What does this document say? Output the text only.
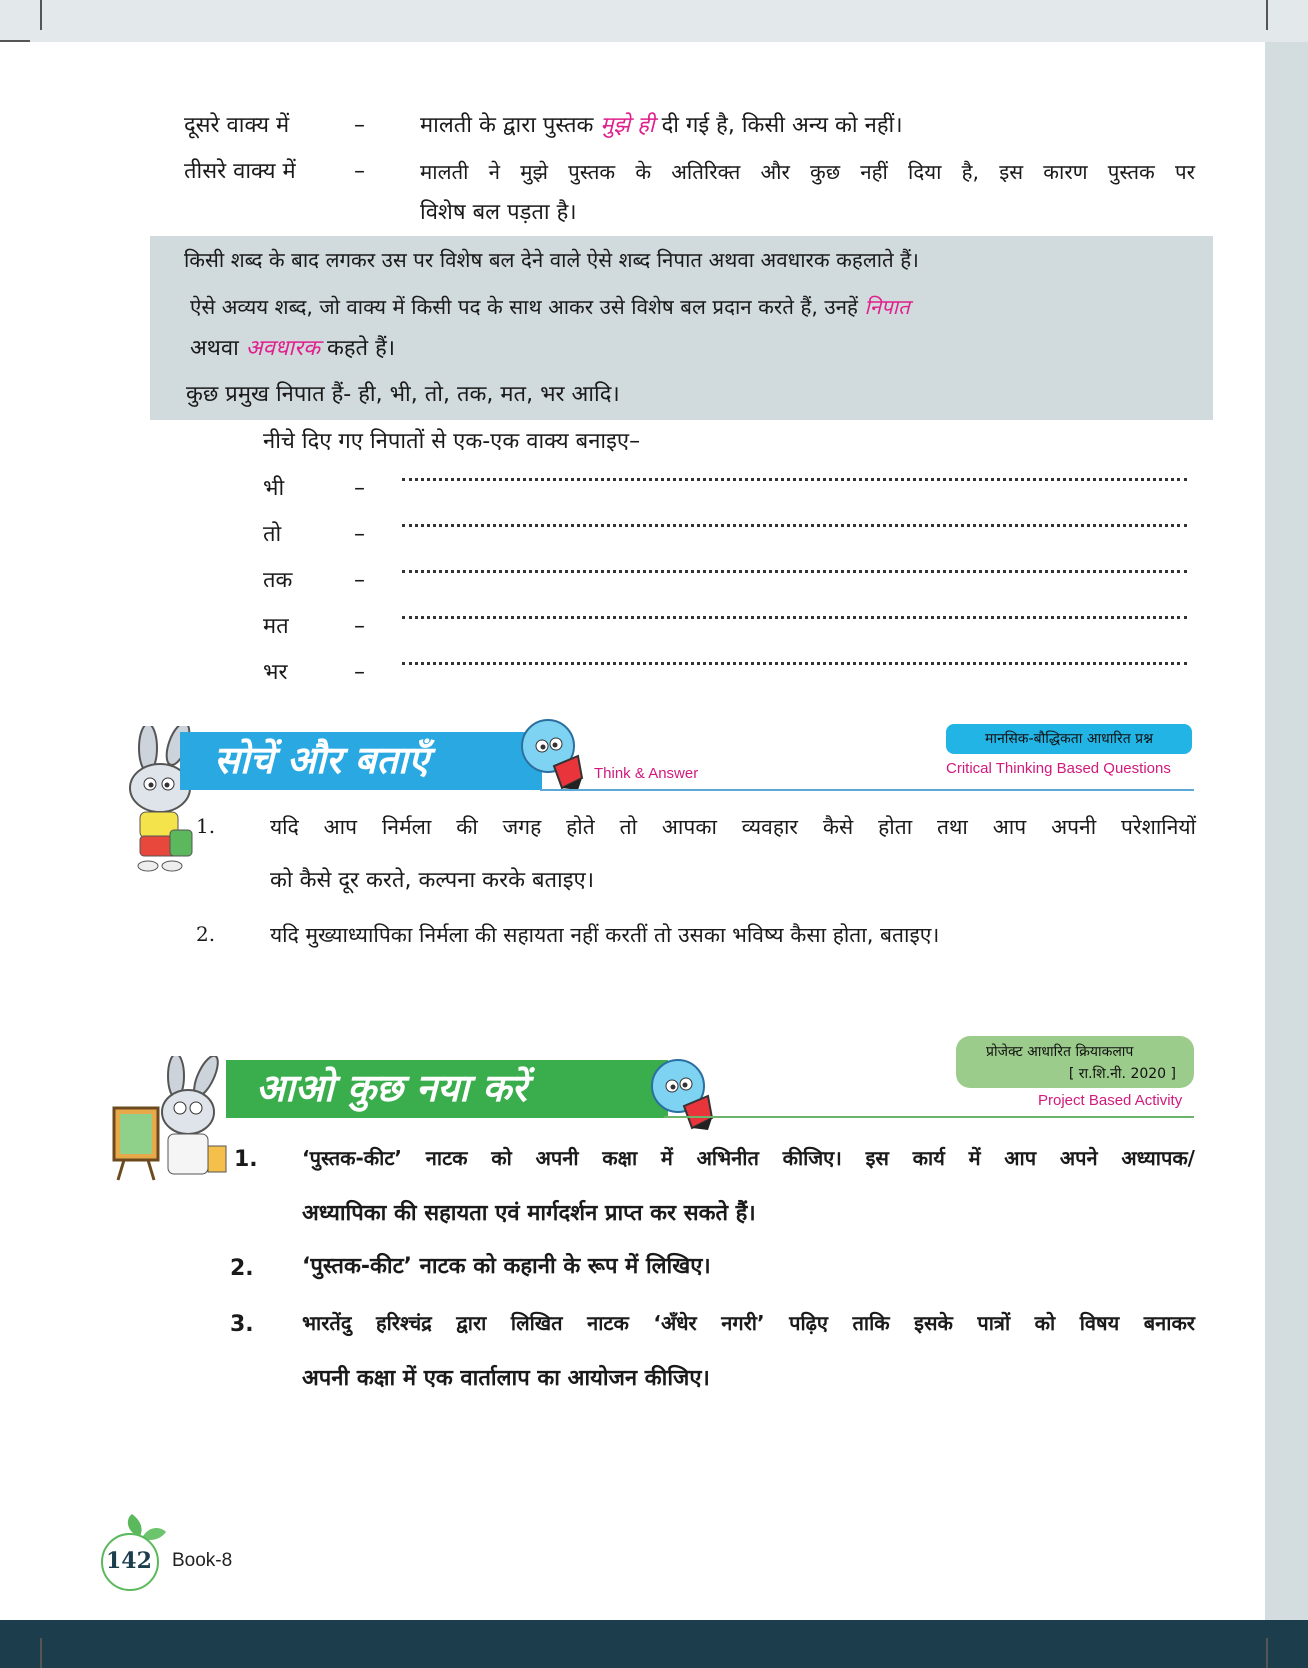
दूसरे वाक्य में	–	मालती के द्वारा पुस्तक मुझे ही दी गई है, किसी अन्य को नहीं।
तीसरे वाक्य में	–	मालती ने मुझे पुस्तक के अतिरिक्त और कुछ नहीं दिया है, इस कारण पुस्तक पर
विशेष बल पड़ता है।
किसी शब्द के बाद लगकर उस पर विशेष बल देने वाले ऐसे शब्द निपात अथवा अवधारक कहलाते हैं।
ऐसे अव्यय शब्द, जो वाक्य में किसी पद के साथ आकर उसे विशेष बल प्रदान करते हैं, उनहें निपात
अथवा अवधारक कहते हैं।
कुछ प्रमुख निपात हैं- ही, भी, तो, तक, मत, भर आदि।
नीचे दिए गए निपातों से एक-एक वाक्य बनाइए–
भी	–
तो	–
तक	–
मत	–
भर	–
सोचें और बताएँ	Think & Answer
मानसिक-बौद्धिकता आधारित प्रश्न
Critical Thinking Based Questions
1.	यदि आप निर्मला की जगह होते तो आपका व्यवहार कैसे होता तथा आप अपनी परेशानियों
को कैसे दूर करते, कल्पना करके बताइए।
2.	यदि मुख्याध्यापिका निर्मला की सहायता नहीं करतीं तो उसका भविष्य कैसा होता, बताइए।
आओ कुछ नया करें
प्रोजेक्ट आधारित क्रियाकलाप
[ रा.शि.नी. 2020 ]
Project Based Activity
1. ‘पुस्तक-कीट’ नाटक को अपनी कक्षा में अभिनीत कीजिए। इस कार्य में आप अपने अध्यापक/
अध्यापिका की सहायता एवं मार्गदर्शन प्राप्त कर सकते हैं।
2. ‘पुस्तक-कीट’ नाटक को कहानी के रूप में लिखिए।
3. भारतेंदु हरिश्चंद्र द्वारा लिखित नाटक ‘अँधेर नगरी’ पढ़िए ताकि इसके पात्रों को विषय बनाकर
अपनी कक्षा में एक वार्तालाप का आयोजन कीजिए।
142 Book-8
